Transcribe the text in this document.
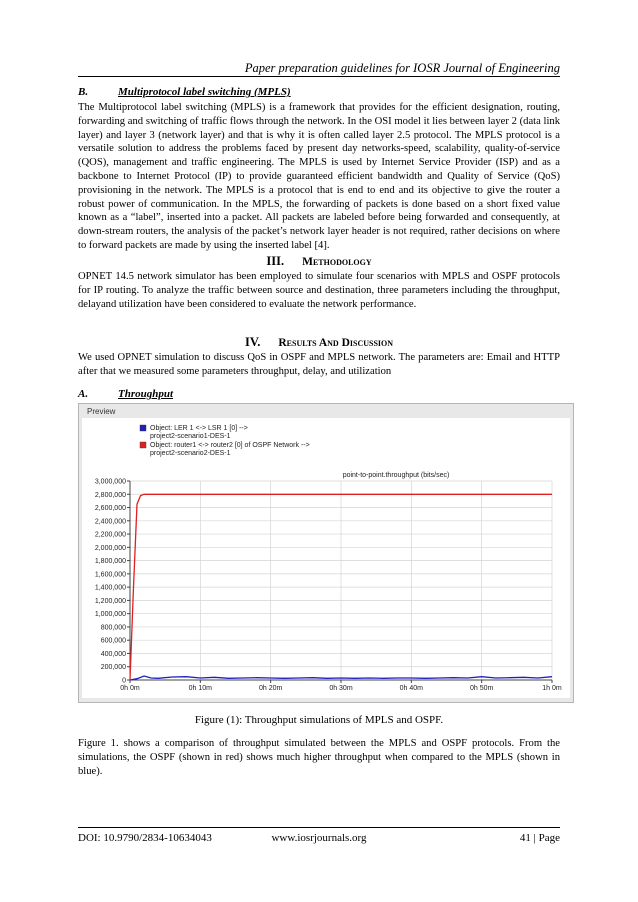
Paper preparation guidelines for IOSR Journal of Engineering
B.	Multiprotocol label switching (MPLS)
The Multiprotocol label switching (MPLS) is a framework that provides for the efficient designation, routing, forwarding and switching of traffic flows through the network. In the OSI model it lies between layer 2 (data link layer) and layer 3 (network layer) and that is why it is often called layer 2.5 protocol. The MPLS protocol is a versatile solution to address the problems faced by present day networks-speed, scalability, quality-of-service (QOS), management and traffic engineering. The MPLS is used by Internet Service Provider (ISP) and as a backbone to Internet Protocol (IP) to provide guaranteed efficient bandwidth and Quality of Service (QoS) provisioning in the network. The MPLS is a protocol that is end to end and its objective to give the router a robust power of communication. In the MPLS, the forwarding of packets is done based on a short fixed value known as a “label”, inserted into a packet. All packets are labeled before being forwarded and consequently, at down-stream routers, the analysis of the packet’s network layer header is not required, rather decisions on where to forward packets are made by using the inserted label [4].
III. Methodology
OPNET 14.5 network simulator has been employed to simulate four scenarios with MPLS and OSPF protocols for IP routing. To analyze the traffic between source and destination, three parameters including the throughput, delayand utilization have been considered to evaluate the network performance.
IV. Results And Discussion
We used OPNET simulation to discuss QoS in OSPF and MPLS network. The parameters are: Email and HTTP after that we measured some parameters throughput, delay, and utilization
A.	Throughput
Preview
0
200,000
400,000
600,000
800,000
1,000,000
1,200,000
1,400,000
1,600,000
1,800,000
2,000,000
2,200,000
2,400,000
2,600,000
2,800,000
3,000,000
0h 0m	0h 10m	0h 20m	0h 30m	0h 40m	0h 50m	1h 0m
point-to-point.throughput (bits/sec)
Object: LER 1 <-> LSR 1 [0] -->
project2-scenario1-DES-1
Object: router1 <-> router2 [0] of OSPF Network -->
project2-scenario2-DES-1
Figure (1): Throughput simulations of MPLS and OSPF.
Figure 1. shows a comparison of throughput simulated between the MPLS and OSPF protocols. From the simulations, the OSPF (shown in red) shows much higher throughput when compared to the MPLS (shown in blue).
DOI: 10.9790/2834-10634043	www.iosrjournals.org	41 | Page
